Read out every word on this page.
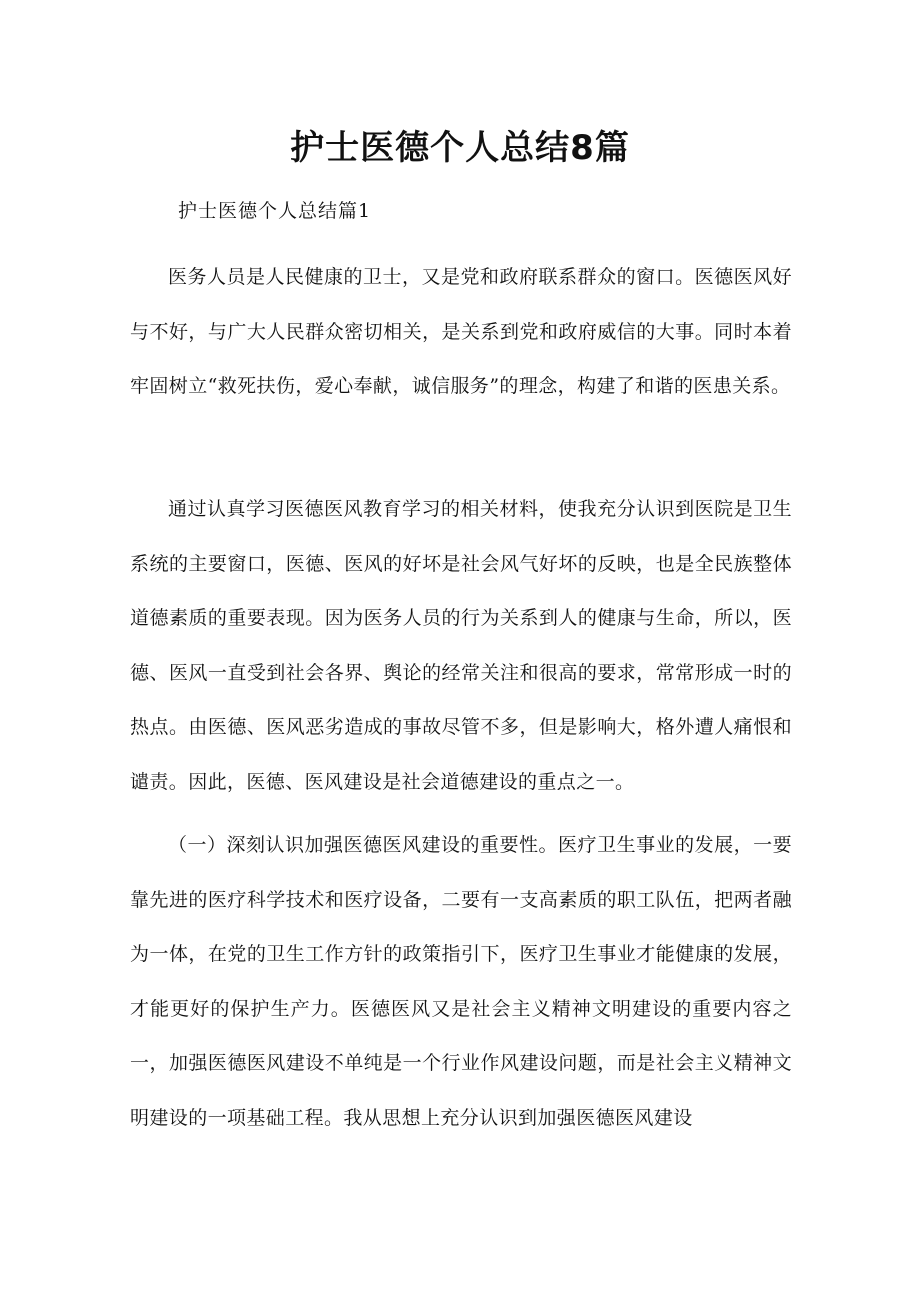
护士医德个人总结8篇

护士医德个人总结篇1

医务人员是人民健康的卫士，又是党和政府联系群众的窗口。医德医风好与不好，与广大人民群众密切相关，是关系到党和政府威信的大事。同时本着牢固树立“救死扶伤，爱心奉献，诚信服务”的理念，构建了和谐的医患关系。

通过认真学习医德医风教育学习的相关材料，使我充分认识到医院是卫生系统的主要窗口，医德、医风的好坏是社会风气好坏的反映，也是全民族整体道德素质的重要表现。因为医务人员的行为关系到人的健康与生命，所以，医德、医风一直受到社会各界、舆论的经常关注和很高的要求，常常形成一时的热点。由医德、医风恶劣造成的事故尽管不多，但是影响大，格外遭人痛恨和谴责。因此，医德、医风建设是社会道德建设的重点之一。

（一）深刻认识加强医德医风建设的重要性。医疗卫生事业的发展，一要靠先进的医疗科学技术和医疗设备，二要有一支高素质的职工队伍，把两者融为一体，在党的卫生工作方针的政策指引下，医疗卫生事业才能健康的发展，才能更好的保护生产力。医德医风又是社会主义精神文明建设的重要内容之一，加强医德医风建设不单纯是一个行业作风建设问题，而是社会主义精神文明建设的一项基础工程。我从思想上充分认识到加强医德医风建设
